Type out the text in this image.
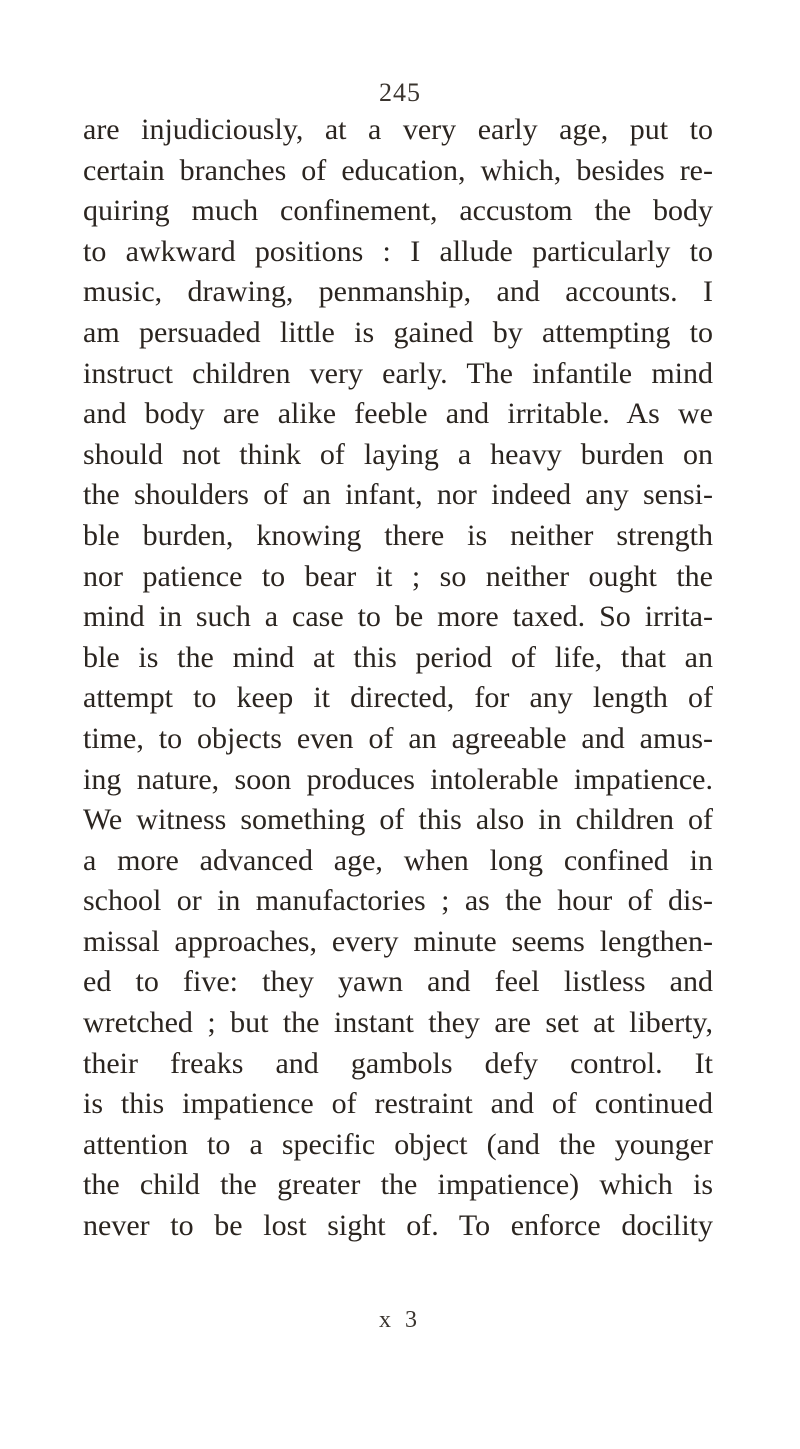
245
are injudiciously, at a very early age, put to
certain branches of education, which, besides re-
quiring much confinement, accustom the body
to awkward positions : I allude particularly to
music, drawing, penmanship, and accounts. I
am persuaded little is gained by attempting to
instruct children very early. The infantile mind
and body are alike feeble and irritable. As we
should not think of laying a heavy burden on
the shoulders of an infant, nor indeed any sensi-
ble burden, knowing there is neither strength
nor patience to bear it ; so neither ought the
mind in such a case to be more taxed. So irrita-
ble is the mind at this period of life, that an
attempt to keep it directed, for any length of
time, to objects even of an agreeable and amus-
ing nature, soon produces intolerable impatience.
We witness something of this also in children of
a more advanced age, when long confined in
school or in manufactories ; as the hour of dis-
missal approaches, every minute seems lengthen-
ed to five: they yawn and feel listless and
wretched ; but the instant they are set at liberty,
their freaks and gambols defy control. It
is this impatience of restraint and of continued
attention to a specific object (and the younger
the child the greater the impatience) which is
never to be lost sight of. To enforce docility
x 3
